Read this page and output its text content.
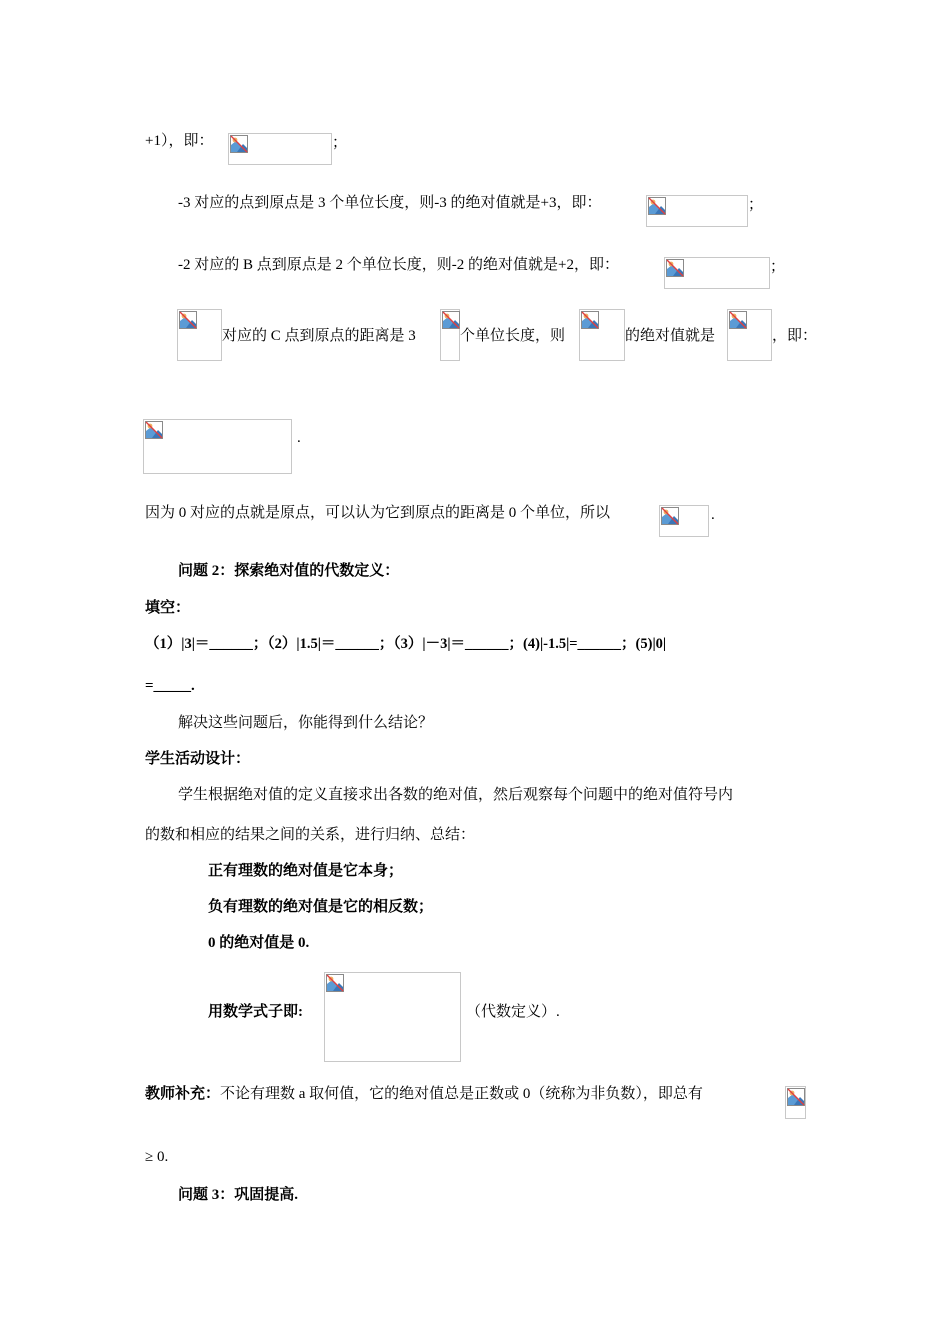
+1），即：	；
-3 对应的点到原点是 3 个单位长度，则-3 的绝对值就是+3，即：	；
-2 对应的 B 点到原点是 2 个单位长度，则-2 的绝对值就是+2，即：	；
对应的 C 点到原点的距离是 3	个单位长度，则	的绝对值就是	，即：
.
因为 0 对应的点就是原点，可以认为它到原点的距离是 0 个单位，所以	.
问题 2：探索绝对值的代数定义：
填空：
（1）|3|＝______；（2）|1.5|＝______；（3）|－3|＝______；(4)|-1.5|=______；(5)|0|
=_____.
解决这些问题后，你能得到什么结论？
学生活动设计：
学生根据绝对值的定义直接求出各数的绝对值，然后观察每个问题中的绝对值符号内
的数和相应的结果之间的关系，进行归纳、总结：
正有理数的绝对值是它本身；
负有理数的绝对值是它的相反数；
0 的绝对值是 0.
用数学式子即:	（代数定义）.
教师补充：不论有理数 a 取何值，它的绝对值总是正数或 0（统称为非负数），即总有
≥ 0.
问题 3：巩固提高.
